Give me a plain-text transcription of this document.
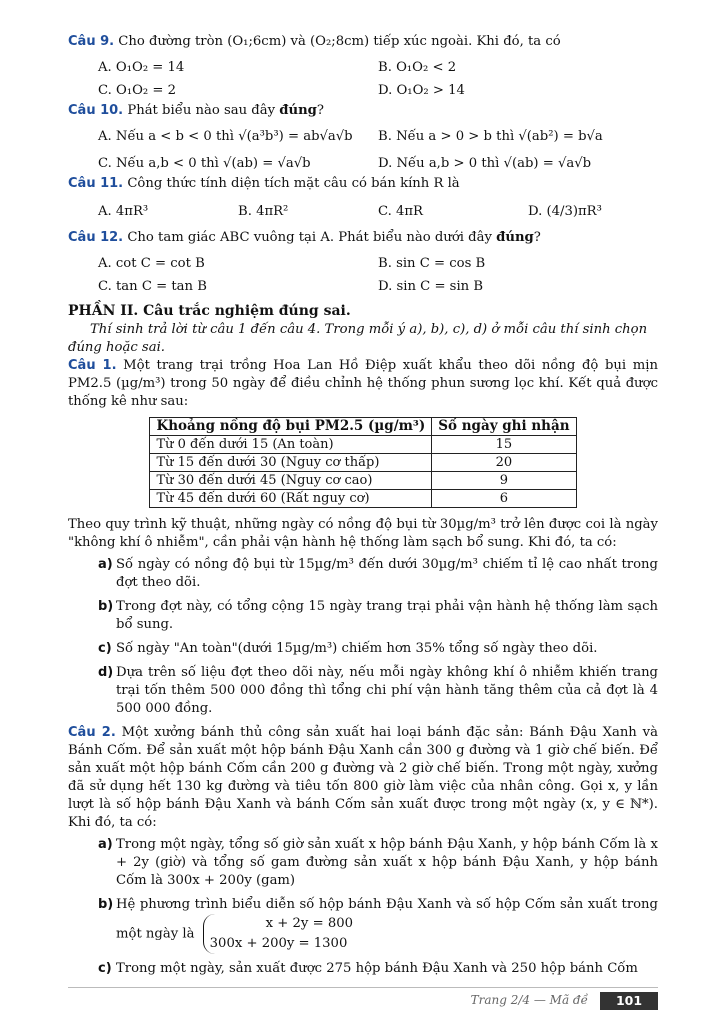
Câu 9. Cho đường tròn (O₁;6cm) và (O₂;8cm) tiếp xúc ngoài. Khi đó, ta có

A. O₁O₂ = 14	B. O₁O₂ < 2
C. O₁O₂ = 2	D. O₁O₂ > 14

Câu 10. Phát biểu nào sau đây đúng?

A. Nếu a < b < 0 thì √(a³b³) = ab√a√b	B. Nếu a > 0 > b thì √(ab²) = b√a
C. Nếu a,b < 0 thì √(ab) = √a√b	D. Nếu a,b > 0 thì √(ab) = √a√b

Câu 11. Công thức tính diện tích mặt câu có bán kính R là

A. 4πR³	B. 4πR²	C. 4πR	D. (4/3)πR³

Câu 12. Cho tam giác ABC vuông tại A. Phát biểu nào dưới đây đúng?

A. cot C = cot B	B. sin C = cos B
C. tan C = tan B	D. sin C = sin B
PHẦN II. Câu trắc nghiệm đúng sai.
Thí sinh trả lời từ câu 1 đến câu 4. Trong mỗi ý a), b), c), d) ở mỗi câu thí sinh chọn đúng hoặc sai.
Câu 1. Một trang trại trồng Hoa Lan Hồ Điệp xuất khẩu theo dõi nồng độ bụi mịn PM2.5 (µg/m³) trong 50 ngày để điều chỉnh hệ thống phun sương lọc khí. Kết quả được thống kê như sau:
Khoảng nồng độ bụi PM2.5 (µg/m³)	Số ngày ghi nhận
Từ 0 đến dưới 15 (An toàn)	15
Từ 15 đến dưới 30 (Nguy cơ thấp)	20
Từ 30 đến dưới 45 (Nguy cơ cao)	9
Từ 45 đến dưới 60 (Rất nguy cơ)	6
Theo quy trình kỹ thuật, những ngày có nồng độ bụi từ 30µg/m³ trở lên được coi là ngày "không khí ô nhiễm", cần phải vận hành hệ thống làm sạch bổ sung. Khi đó, ta có:
a) Số ngày có nồng độ bụi từ 15µg/m³ đến dưới 30µg/m³ chiếm tỉ lệ cao nhất trong đợt theo dõi.
b) Trong đợt này, có tổng cộng 15 ngày trang trại phải vận hành hệ thống làm sạch bổ sung.
c) Số ngày "An toàn"(dưới 15µg/m³) chiếm hơn 35% tổng số ngày theo dõi.
d) Dựa trên số liệu đợt theo dõi này, nếu mỗi ngày không khí ô nhiễm khiến trang trại tốn thêm 500 000 đồng thì tổng chi phí vận hành tăng thêm của cả đợt là 4 500 000 đồng.
Câu 2. Một xưởng bánh thủ công sản xuất hai loại bánh đặc sản: Bánh Đậu Xanh và Bánh Cốm. Để sản xuất một hộp bánh Đậu Xanh cần 300 g đường và 1 giờ chế biến. Để sản xuất một hộp bánh Cốm cần 200 g đường và 2 giờ chế biến. Trong một ngày, xưởng đã sử dụng hết 130 kg đường và tiêu tốn 800 giờ làm việc của nhân công. Gọi x, y lần lượt là số hộp bánh Đậu Xanh và bánh Cốm sản xuất được trong một ngày (x, y ∈ ℕ*). Khi đó, ta có:
a) Trong một ngày, tổng số giờ sản xuất x hộp bánh Đậu Xanh, y hộp bánh Cốm là x + 2y (giờ) và tổng số gam đường sản xuất x hộp bánh Đậu Xanh, y hộp bánh Cốm là 300x + 200y (gam)
b) Hệ phương trình biểu diễn số hộp bánh Đậu Xanh và số hộp Cốm sản xuất trong một ngày là
x + 2y = 800
300x + 200y = 1300
c) Trong một ngày, sản xuất được 275 hộp bánh Đậu Xanh và 250 hộp bánh Cốm
Trang 2/4 — Mã đề	101
